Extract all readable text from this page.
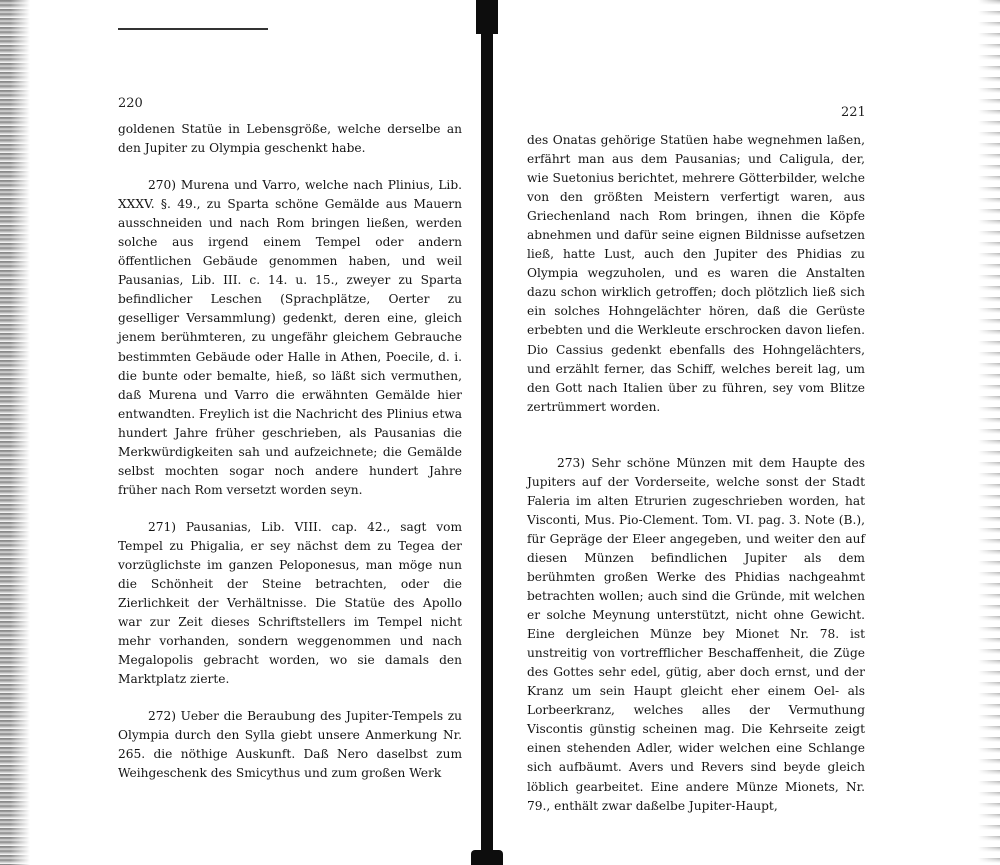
220

goldenen Statüe in Lebensgröße, welche derselbe an den Jupiter zu Olympia geschenkt habe.

270) Murena und Varro, welche nach Plinius, Lib. XXXV. §. 49., zu Sparta schöne Gemälde aus Mauern ausschneiden und nach Rom bringen ließen, werden solche aus irgend einem Tempel oder andern öffentlichen Gebäude genommen haben, und weil Pausanias, Lib. III. c. 14. u. 15., zweyer zu Sparta befindlicher Leschen (Sprachplätze, Oerter zu geselliger Versammlung) gedenkt, deren eine, gleich jenem berühmteren, zu ungefähr gleichem Gebrauche bestimmten Gebäude oder Halle in Athen, Poecile, d. i. die bunte oder bemalte, hieß, so läßt sich vermuthen, daß Murena und Varro die erwähnten Gemälde hier entwandten. Freylich ist die Nachricht des Plinius etwa hundert Jahre früher geschrieben, als Pausanias die Merkwürdigkeiten sah und aufzeichnete; die Gemälde selbst mochten sogar noch andere hundert Jahre früher nach Rom versetzt worden seyn.

271) Pausanias, Lib. VIII. cap. 42., sagt vom Tempel zu Phigalia, er sey nächst dem zu Tegea der vorzüglichste im ganzen Peloponesus, man möge nun die Schönheit der Steine betrachten, oder die Zierlichkeit der Verhältnisse. Die Statüe des Apollo war zur Zeit dieses Schriftstellers im Tempel nicht mehr vorhanden, sondern weggenommen und nach Megalopolis gebracht worden, wo sie damals den Marktplatz zierte.

272) Ueber die Beraubung des Jupiter-Tempels zu Olympia durch den Sylla giebt unsere Anmerkung Nr. 265. die nöthige Auskunft. Daß Nero daselbst zum Weihgeschenk des Smicythus und zum großen Werk

221

des Onatas gehörige Statüen habe wegnehmen laßen, erfährt man aus dem Pausanias; und Caligula, der, wie Suetonius berichtet, mehrere Götterbilder, welche von den größten Meistern verfertigt waren, aus Griechenland nach Rom bringen, ihnen die Köpfe abnehmen und dafür seine eignen Bildnisse aufsetzen ließ, hatte Lust, auch den Jupiter des Phidias zu Olympia wegzuholen, und es waren die Anstalten dazu schon wirklich getroffen; doch plötzlich ließ sich ein solches Hohngelächter hören, daß die Gerüste erbebten und die Werkleute erschrocken davon liefen. Dio Cassius gedenkt ebenfalls des Hohngelächters, und erzählt ferner, das Schiff, welches bereit lag, um den Gott nach Italien über zu führen, sey vom Blitze zertrümmert worden.

273) Sehr schöne Münzen mit dem Haupte des Jupiters auf der Vorderseite, welche sonst der Stadt Faleria im alten Etrurien zugeschrieben worden, hat Visconti, Mus. Pio-Clement. Tom. VI. pag. 3. Note (B.), für Gepräge der Eleer angegeben, und weiter den auf diesen Münzen befindlichen Jupiter als dem berühmten großen Werke des Phidias nachgeahmt betrachten wollen; auch sind die Gründe, mit welchen er solche Meynung unterstützt, nicht ohne Gewicht. Eine dergleichen Münze bey Mionet Nr. 78. ist unstreitig von vortrefflicher Beschaffenheit, die Züge des Gottes sehr edel, gütig, aber doch ernst, und der Kranz um sein Haupt gleicht eher einem Oel- als Lorbeerkranz, welches alles der Vermuthung Viscontis günstig scheinen mag. Die Kehrseite zeigt einen stehenden Adler, wider welchen eine Schlange sich aufbäumt. Avers und Revers sind beyde gleich löblich gearbeitet. Eine andere Münze Mionets, Nr. 79., enthält zwar daßelbe Jupiter-Haupt,
